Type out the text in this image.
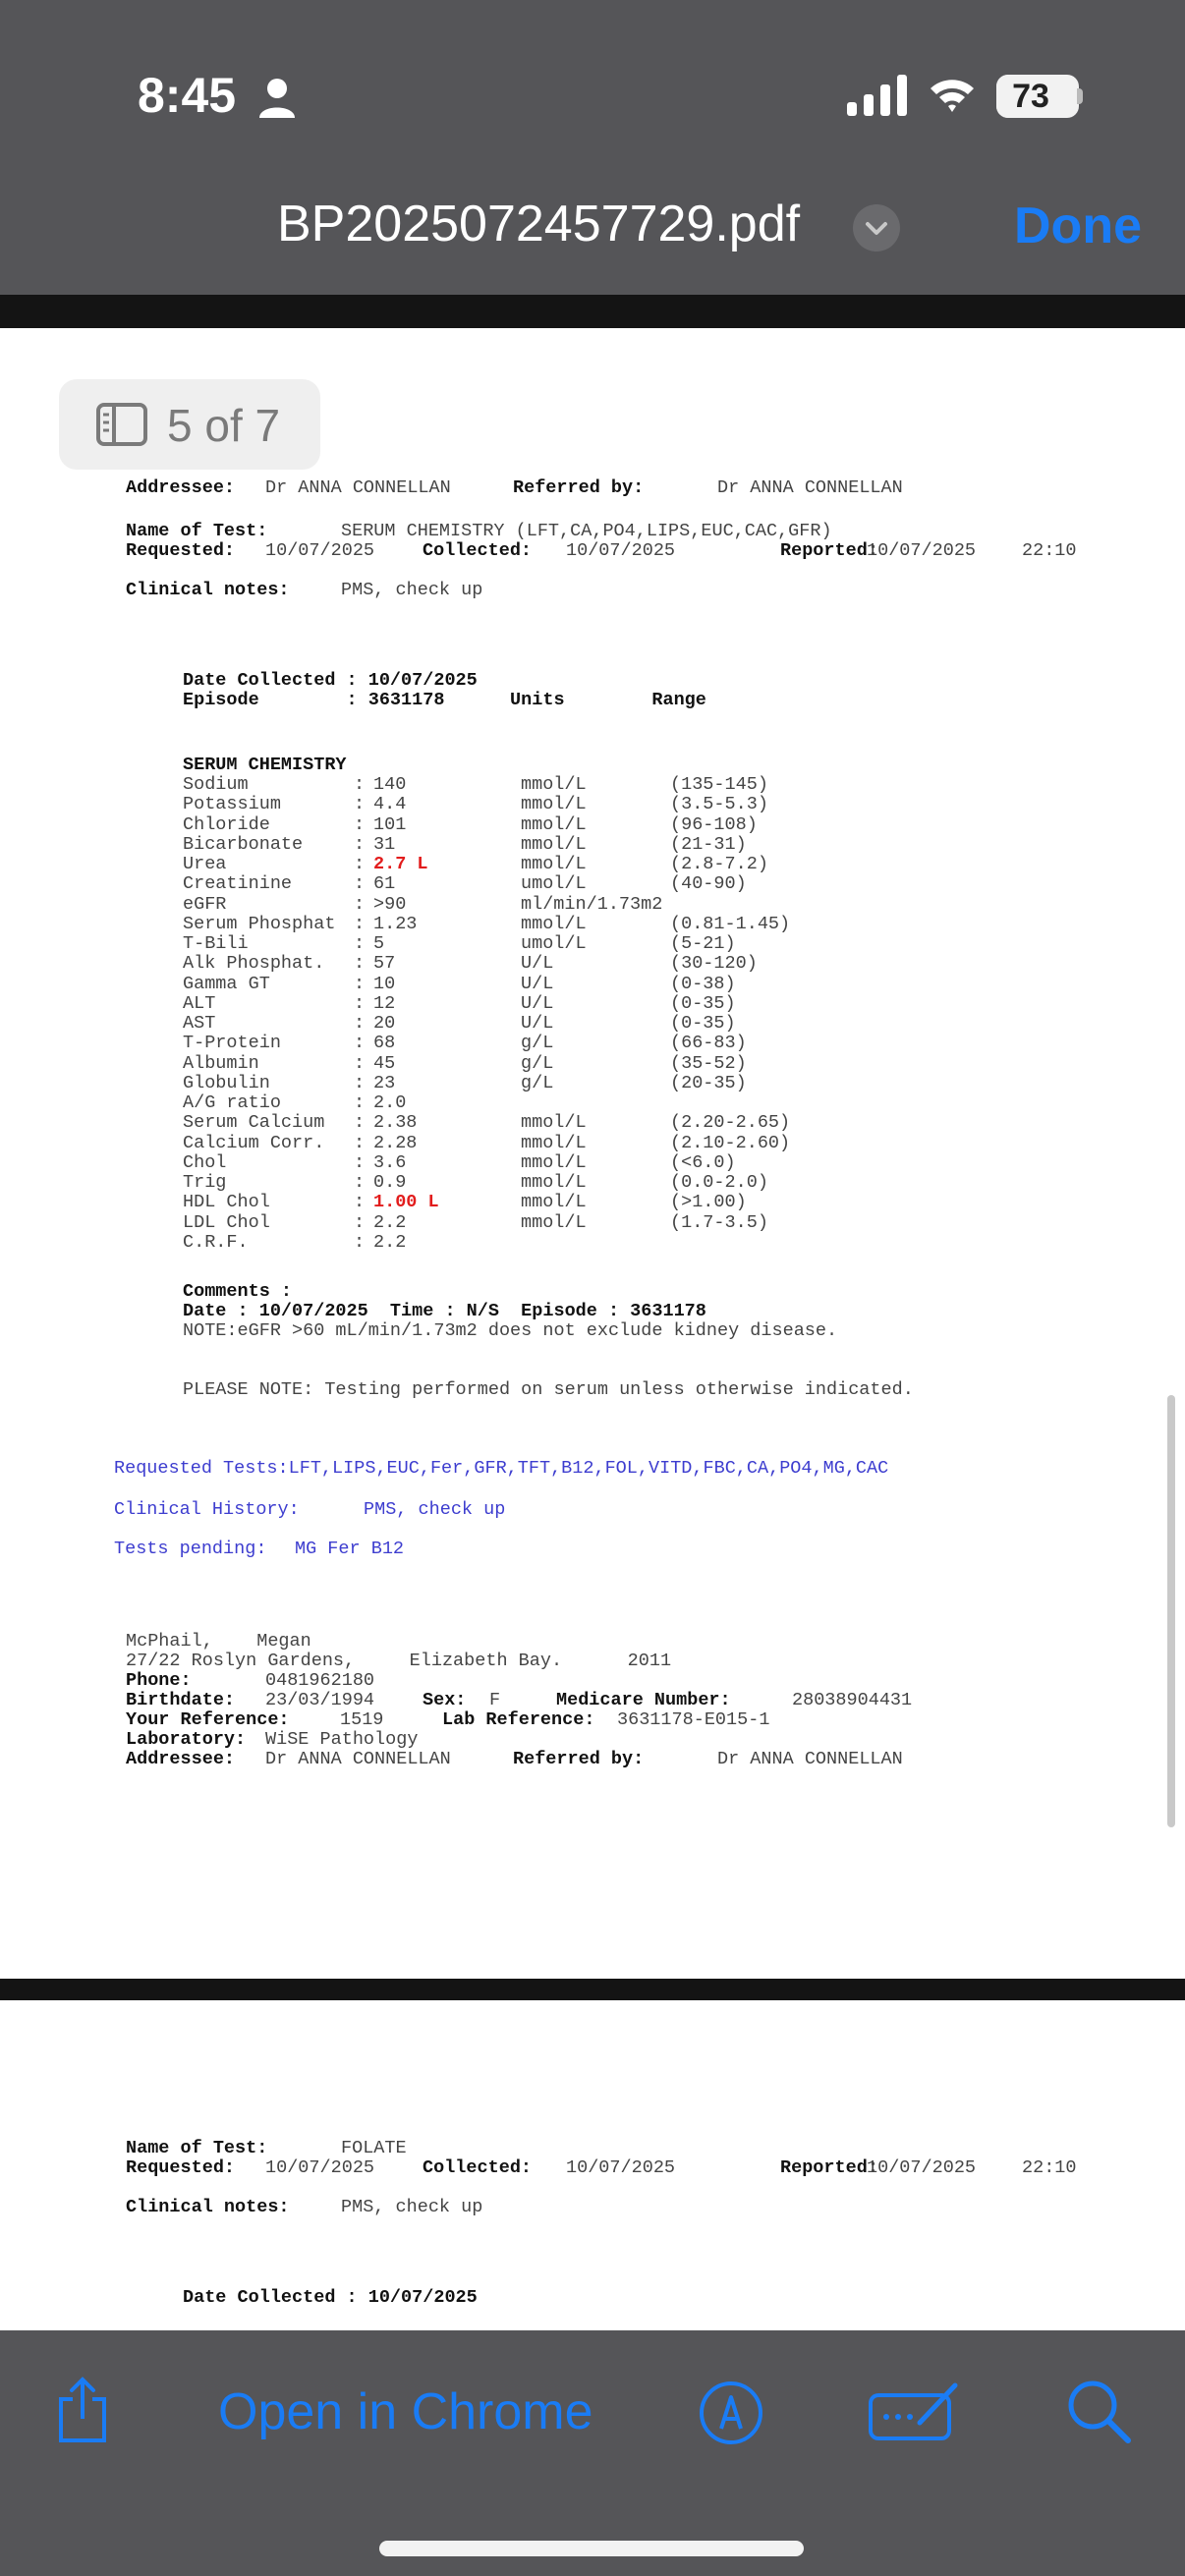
8:45	73
BP2025072457729.pdf	Done
5 of 7
Addressee: Dr ANNA CONNELLAN	Referred by:	Dr ANNA CONNELLAN
Name of Test:	SERUM CHEMISTRY (LFT,CA,PO4,LIPS,EUC,CAC,GFR)
Requested: 10/07/2025	Collected: 10/07/2025	Reported:
10/07/2025	22:10
Clinical notes:	PMS, check up
Date Collected : 10/07/2025
Episode        : 3631178      Units        Range
SERUM CHEMISTRY
Sodium	: 140	mmol/L	(135-145)
Potassium	: 4.4	mmol/L	(3.5-5.3)
Chloride	: 101	mmol/L	(96-108)
Bicarbonate	: 31	mmol/L	(21-31)
Urea	: 2.7 L	mmol/L	(2.8-7.2)
Creatinine	: 61	umol/L	(40-90)
eGFR	: >90	ml/min/1.73m2
Serum Phosphat : 1.23	mmol/L	(0.81-1.45)
T-Bili	: 5	umol/L	(5-21)
Alk Phosphat. : 57	U/L	(30-120)
Gamma GT	: 10	U/L	(0-38)
ALT	: 12	U/L	(0-35)
AST	: 20	U/L	(0-35)
T-Protein	: 68	g/L	(66-83)
Albumin	: 45	g/L	(35-52)
Globulin	: 23	g/L	(20-35)
A/G ratio	: 2.0
Serum Calcium : 2.38	mmol/L	(2.20-2.65)
Calcium Corr. : 2.28	mmol/L	(2.10-2.60)
Chol	: 3.6	mmol/L	(<6.0)
Trig	: 0.9	mmol/L	(0.0-2.0)
HDL Chol	: 1.00 L	mmol/L	(>1.00)
LDL Chol	: 2.2	mmol/L	(1.7-3.5)
C.R.F.	: 2.2
Comments :
Date : 10/07/2025  Time : N/S  Episode : 3631178
NOTE:eGFR >60 mL/min/1.73m2 does not exclude kidney disease.
PLEASE NOTE: Testing performed on serum unless otherwise indicated.
Requested Tests:LFT,LIPS,EUC,Fer,GFR,TFT,B12,FOL,VITD,FBC,CA,PO4,MG,CAC
Clinical History:	PMS, check up
Tests pending: MG Fer B12
McPhail,    Megan
27/22 Roslyn Gardens,     Elizabeth Bay.      2011
Phone:	0481962180
Birthdate: 23/03/1994	Sex: F	Medicare Number:	28038904431
Your Reference:	1519	Lab Reference: 3631178-E015-1
Laboratory: WiSE Pathology
Addressee: Dr ANNA CONNELLAN	Referred by:	Dr ANNA CONNELLAN
Name of Test:	FOLATE
Requested: 10/07/2025	Collected: 10/07/2025	Reported:
10/07/2025	22:10
Clinical notes:	PMS, check up
Date Collected : 10/07/2025
Open in Chrome
